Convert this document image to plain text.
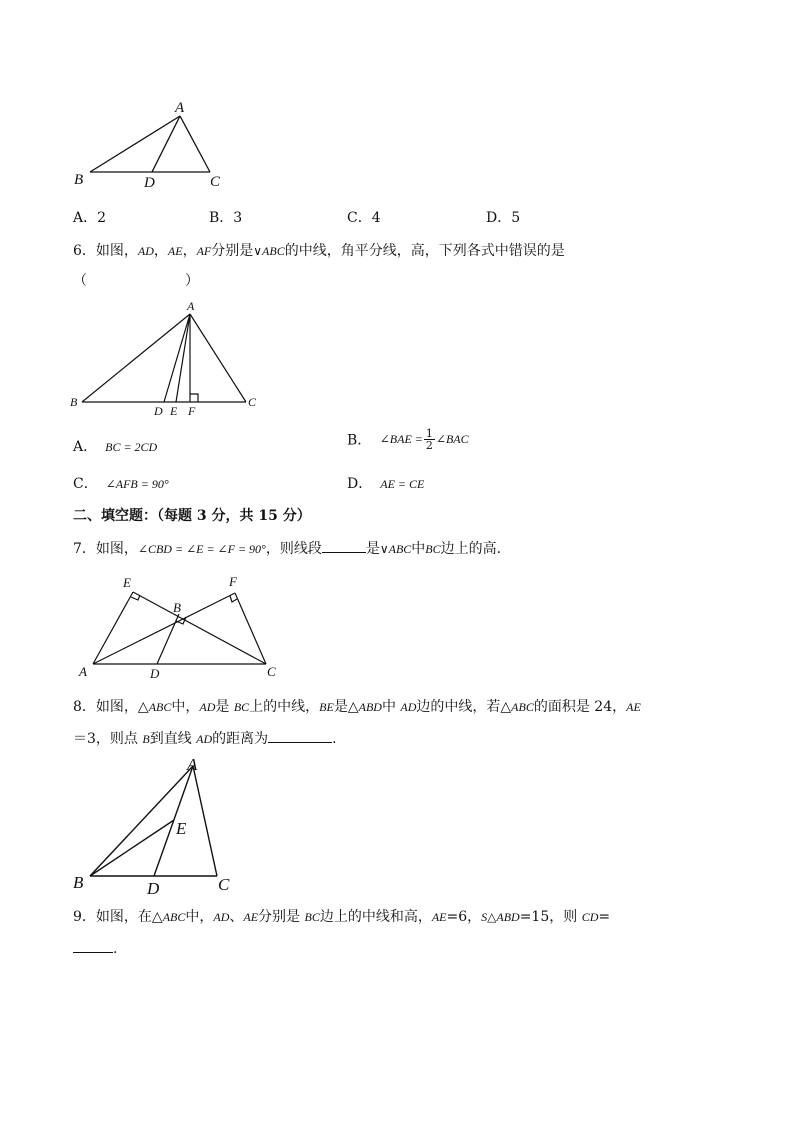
A
B	D	C
A．2	B．3	C．4	D．5
6．如图，AD，AE，AF分别是∨ABC的中线，角平分线，高，下列各式中错误的是
（　　　　　　　）
A
B
D E F
C
A． BC = 2CD	B． ∠BAE = $\frac{1}{2}$ ∠BAC
C． ∠AFB = 90°	D． AE = CE
二、填空题：（每题 3 分，共 15 分）
7．如图，∠CBD = ∠E = ∠F = 90°，则线段	是∨ABC中BC边上的高.
E	F
B
A	D	C
8．如图，△ABC中，AD是 BC上的中线，BE是△ABD中 AD边的中线，若△ABC的面积是 24，AE
＝3，则点 B到直线 AD的距离为	.
A
E
B	D	C
9．如图，在△ABC中，AD、AE分别是 BC边上的中线和高，AE=6，S△ABD=15，则 CD=
.
